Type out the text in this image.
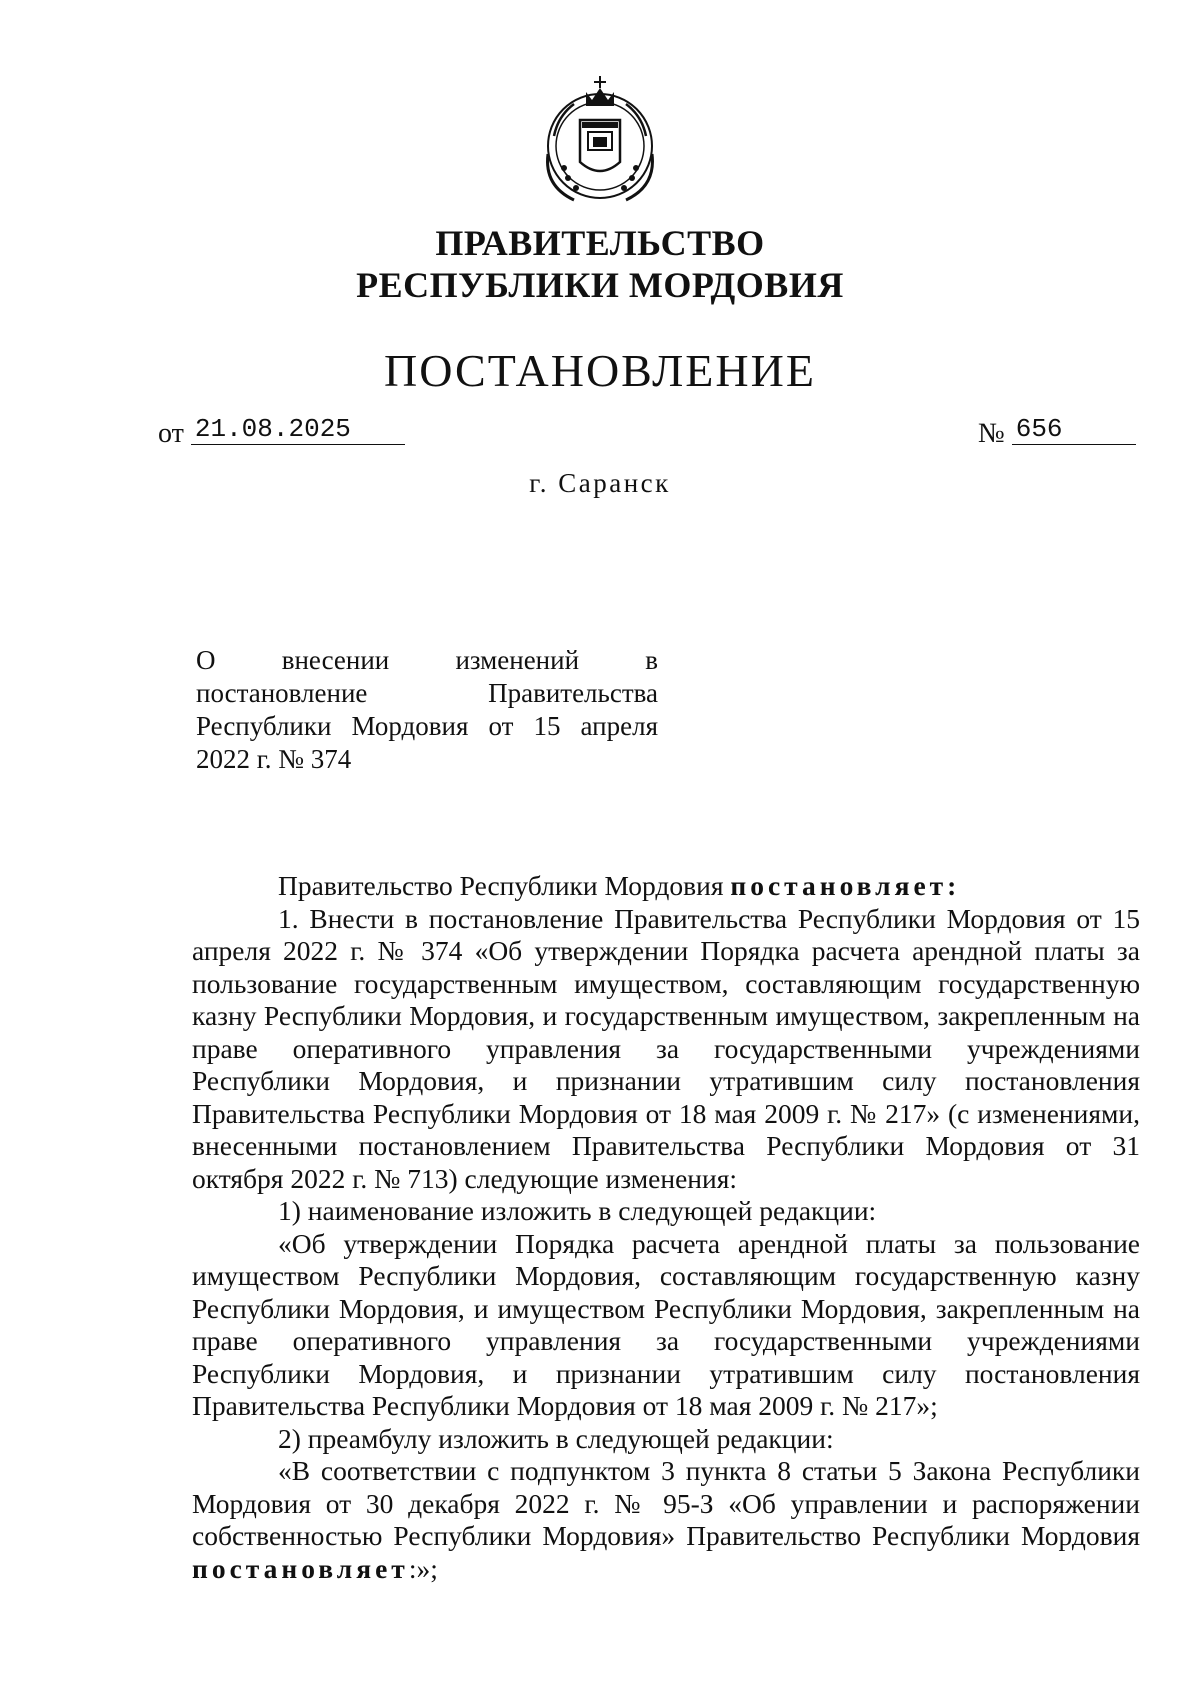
ПРАВИТЕЛЬСТВО
РЕСПУБЛИКИ МОРДОВИЯ
ПОСТАНОВЛЕНИЕ
от 21.08.2025	№ 656
г. Саранск
О внесении изменений в
постановление Правительства Республики Мордовия от 15 апреля 2022 г. № 374

Правительство Республики Мордовия постановляет:

1. Внести в постановление Правительства Республики Мордовия от 15 апреля 2022 г. № 374 «Об утверждении Порядка расчета арендной платы за пользование государственным имуществом, составляющим государственную казну Республики Мордовия, и государственным имуществом, закрепленным на праве оперативного управления за государственными учреждениями Республики Мордовия, и признании утратившим силу постановления Правительства Республики Мордовия от 18 мая 2009 г. № 217» (с изменениями, внесенными постановлением Правительства Республики Мордовия от 31 октября 2022 г. № 713) следующие изменения:

1) наименование изложить в следующей редакции:

«Об утверждении Порядка расчета арендной платы за пользование имуществом Республики Мордовия, составляющим государственную казну Республики Мордовия, и имуществом Республики Мордовия, закрепленным на праве оперативного управления за государственными учреждениями Республики Мордовия, и признании утратившим силу постановления Правительства Республики Мордовия от 18 мая 2009 г. № 217»;

2) преамбулу изложить в следующей редакции:

«В соответствии с подпунктом 3 пункта 8 статьи 5 Закона Республики Мордовия от 30 декабря 2022 г. № 95-З «Об управлении и распоряжении собственностью Республики Мордовия» Правительство Республики Мордовия постановляет:»;
